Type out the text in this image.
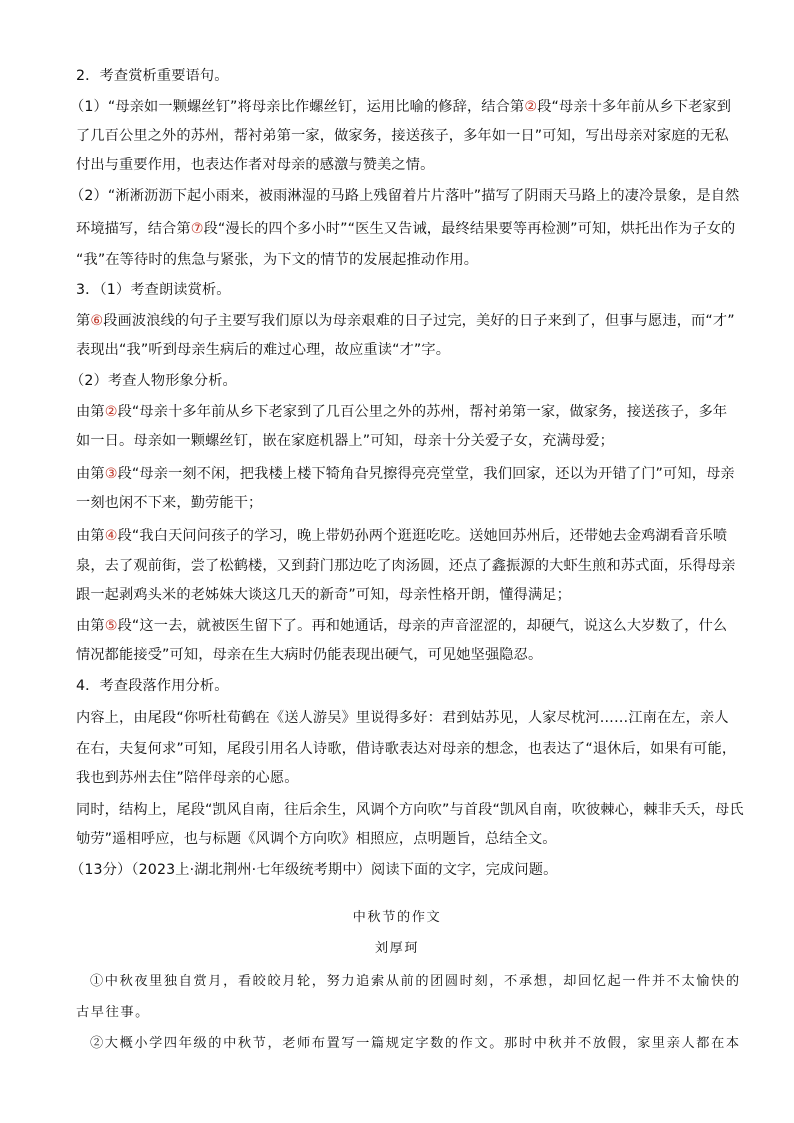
2．考查赏析重要语句。
（1）“母亲如一颗螺丝钉”将母亲比作螺丝钉，运用比喻的修辞，结合第②段“母亲十多年前从乡下老家到
了几百公里之外的苏州，帮衬弟第一家，做家务，接送孩子，多年如一日”可知，写出母亲对家庭的无私
付出与重要作用，也表达作者对母亲的感激与赞美之情。
（2）“淅淅沥沥下起小雨来，被雨淋湿的马路上残留着片片落叶”描写了阴雨天马路上的凄冷景象，是自然
环境描写，结合第⑦段“漫长的四个多小时”“医生又告诫，最终结果要等再检测”可知，烘托出作为子女的
“我”在等待时的焦急与紧张，为下文的情节的发展起推动作用。
3．（1）考查朗读赏析。
第⑥段画波浪线的句子主要写我们原以为母亲艰难的日子过完，美好的日子来到了，但事与愿违，而“才”
表现出“我”听到母亲生病后的难过心理，故应重读“才”字。
（2）考查人物形象分析。
由第②段“母亲十多年前从乡下老家到了几百公里之外的苏州，帮衬弟第一家，做家务，接送孩子，多年
如一日。母亲如一颗螺丝钉，嵌在家庭机器上”可知，母亲十分关爱子女，充满母爱；
由第③段“母亲一刻不闲，把我楼上楼下犄角旮旯擦得亮亮堂堂，我们回家，还以为开错了门”可知，母亲
一刻也闲不下来，勤劳能干；
由第④段“我白天问问孩子的学习，晚上带奶孙两个逛逛吃吃。送她回苏州后，还带她去金鸡湖看音乐喷
泉，去了观前街，尝了松鹤楼，又到葑门那边吃了肉汤圆，还点了鑫振源的大虾生煎和苏式面，乐得母亲
跟一起剥鸡头米的老姊妹大谈这几天的新奇”可知，母亲性格开朗，懂得满足；
由第⑤段“这一去，就被医生留下了。再和她通话，母亲的声音涩涩的，却硬气，说这么大岁数了，什么
情况都能接受”可知，母亲在生大病时仍能表现出硬气，可见她坚强隐忍。
4．考查段落作用分析。
内容上，由尾段“你听杜荀鹤在《送人游吴》里说得多好：君到姑苏见，人家尽枕河……江南在左，亲人
在右，夫复何求”可知，尾段引用名人诗歌，借诗歌表达对母亲的想念，也表达了“退休后，如果有可能，
我也到苏州去住”陪伴母亲的心愿。
同时，结构上，尾段“凯风自南，往后余生，风调个方向吹”与首段“凯风自南，吹彼棘心，棘非夭夭，母氏
劬劳”遥相呼应，也与标题《风调个方向吹》相照应，点明题旨，总结全文。
（13分）（2023上·湖北荆州·七年级统考期中）阅读下面的文字，完成问题。
中秋节的作文
刘厚珂
①中秋夜里独自赏月，看皎皎月轮，努力追索从前的团圆时刻，不承想，却回忆起一件并不太愉快的
古早往事。
②大概小学四年级的中秋节，老师布置写一篇规定字数的作文。那时中秋并不放假，家里亲人都在本
